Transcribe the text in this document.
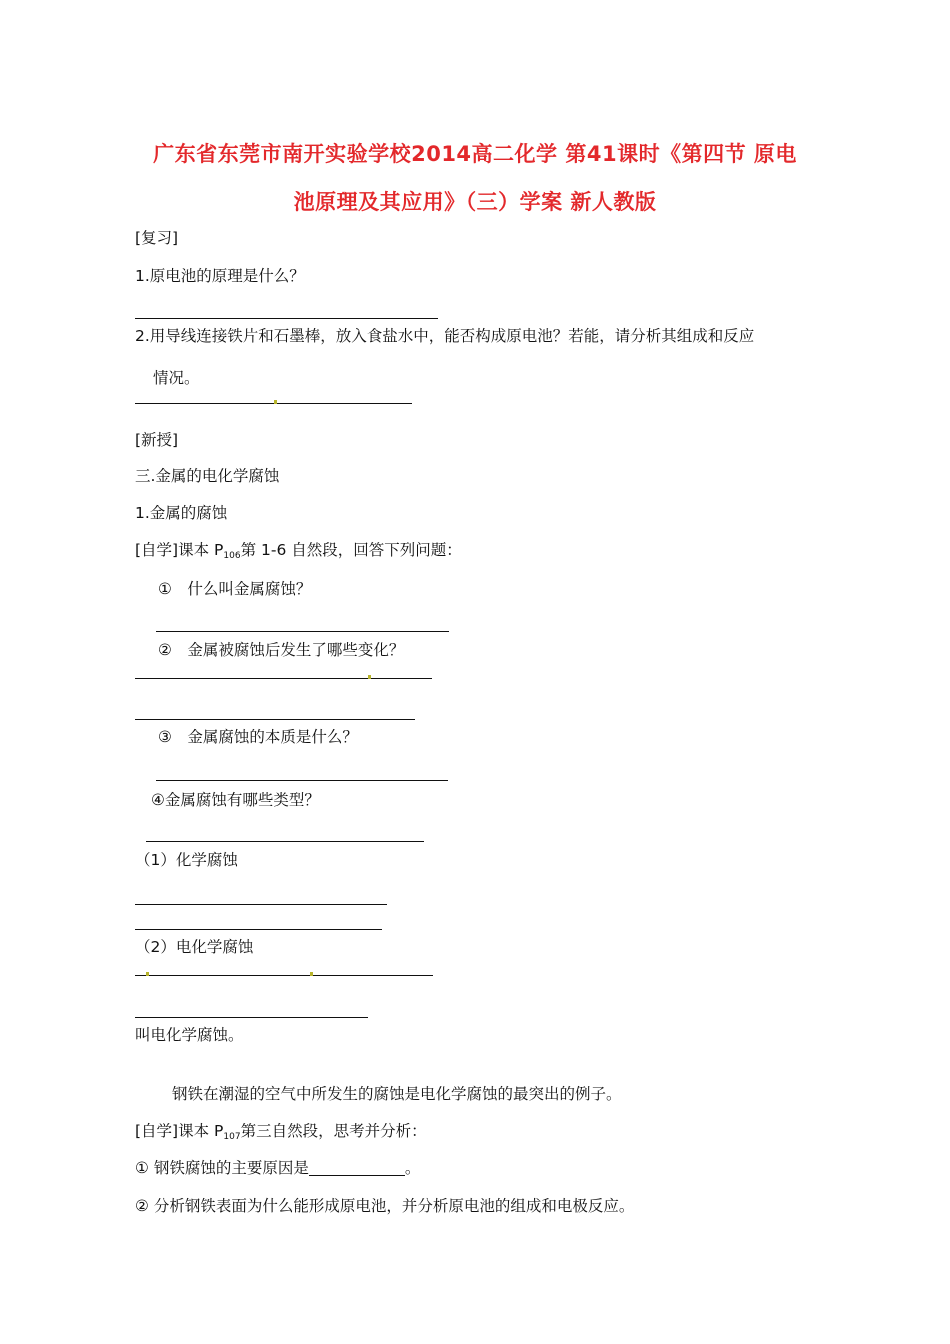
广东省东莞市南开实验学校2014高二化学 第41课时《第四节 原电
池原理及其应用》（三）学案 新人教版
[复习]
1.原电池的原理是什么？
2.用导线连接铁片和石墨棒，放入食盐水中，能否构成原电池？若能，请分析其组成和反应
情况。
[新授]
三.金属的电化学腐蚀
1.金属的腐蚀
[自学]课本 $P_{106}$第 1-6 自然段，回答下列问题：
①　什么叫金属腐蚀？
②　金属被腐蚀后发生了哪些变化？
③　金属腐蚀的本质是什么？
④金属腐蚀有哪些类型？
（1）化学腐蚀
（2）电化学腐蚀
叫电化学腐蚀。
钢铁在潮湿的空气中所发生的腐蚀是电化学腐蚀的最突出的例子。
[自学]课本 $P_{107}$第三自然段，思考并分析：
① 钢铁腐蚀的主要原因是	。
② 分析钢铁表面为什么能形成原电池，并分析原电池的组成和电极反应。
